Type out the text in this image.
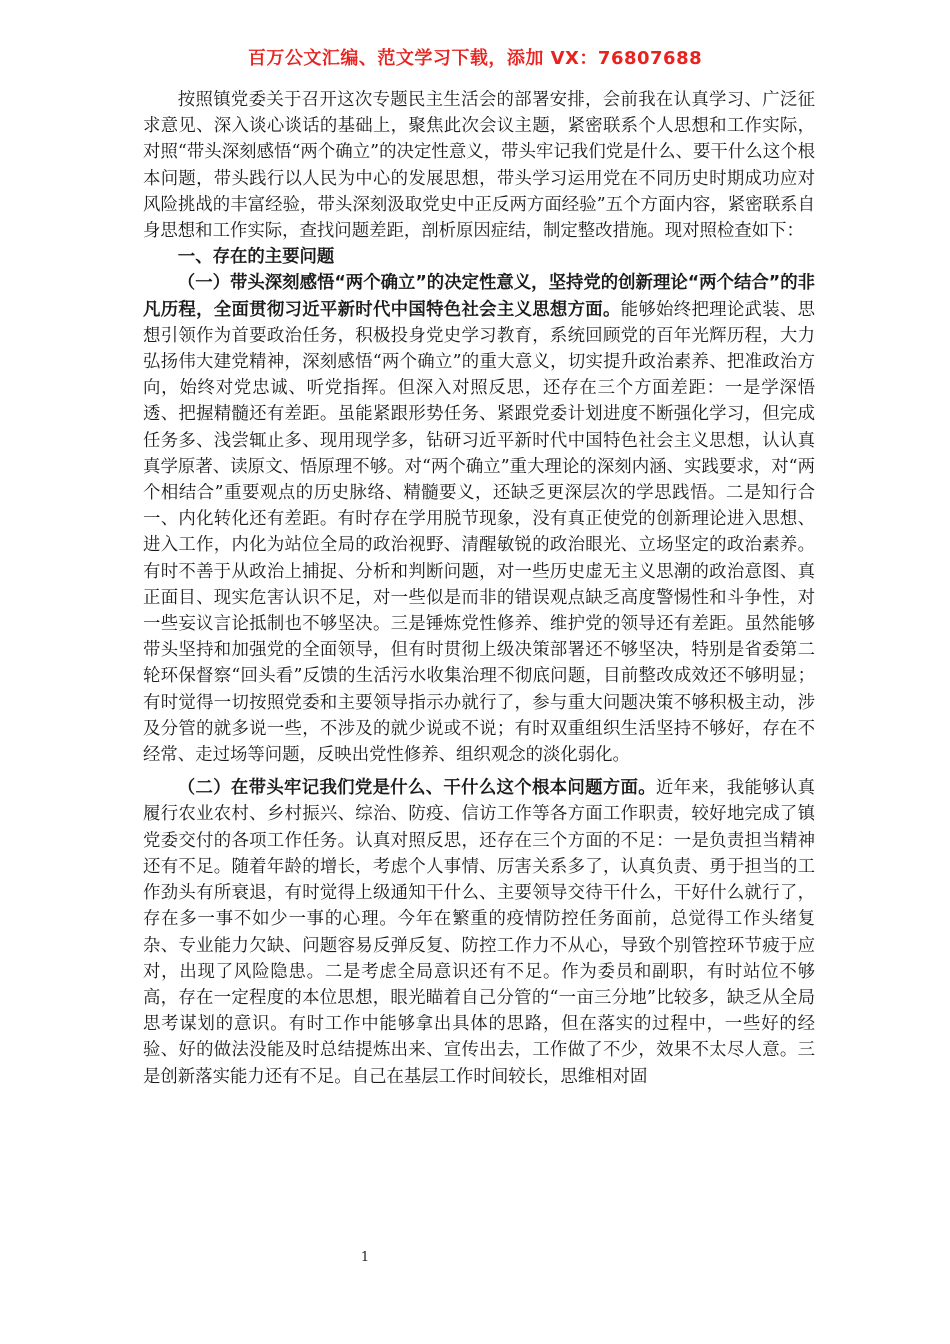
百万公文汇编、范文学习下载，添加 VX：76807688

按照镇党委关于召开这次专题民主生活会的部署安排，会前我在认真学习、广泛征求意见、深入谈心谈话的基础上，聚焦此次会议主题，紧密联系个人思想和工作实际，对照“带头深刻感悟“两个确立”的决定性意义，带头牢记我们党是什么、要干什么这个根本问题，带头践行以人民为中心的发展思想，带头学习运用党在不同历史时期成功应对风险挑战的丰富经验，带头深刻汲取党史中正反两方面经验”五个方面内容，紧密联系自身思想和工作实际，查找问题差距，剖析原因症结，制定整改措施。现对照检查如下：

一、存在的主要问题

（一）带头深刻感悟“两个确立”的决定性意义，坚持党的创新理论“两个结合”的非凡历程，全面贯彻习近平新时代中国特色社会主义思想方面。能够始终把理论武装、思想引领作为首要政治任务，积极投身党史学习教育，系统回顾党的百年光辉历程，大力弘扬伟大建党精神，深刻感悟“两个确立”的重大意义，切实提升政治素养、把准政治方向，始终对党忠诚、听党指挥。但深入对照反思，还存在三个方面差距：一是学深悟透、把握精髓还有差距。虽能紧跟形势任务、紧跟党委计划进度不断强化学习，但完成任务多、浅尝辄止多、现用现学多，钻研习近平新时代中国特色社会主义思想，认认真真学原著、读原文、悟原理不够。对“两个确立”重大理论的深刻内涵、实践要求，对“两个相结合”重要观点的历史脉络、精髓要义，还缺乏更深层次的学思践悟。二是知行合一、内化转化还有差距。有时存在学用脱节现象，没有真正使党的创新理论进入思想、进入工作，内化为站位全局的政治视野、清醒敏锐的政治眼光、立场坚定的政治素养。有时不善于从政治上捕捉、分析和判断问题，对一些历史虚无主义思潮的政治意图、真正面目、现实危害认识不足，对一些似是而非的错误观点缺乏高度警惕性和斗争性，对一些妄议言论抵制也不够坚决。三是锤炼党性修养、维护党的领导还有差距。虽然能够带头坚持和加强党的全面领导，但有时贯彻上级决策部署还不够坚决，特别是省委第二轮环保督察“回头看”反馈的生活污水收集治理不彻底问题，目前整改成效还不够明显；有时觉得一切按照党委和主要领导指示办就行了，参与重大问题决策不够积极主动，涉及分管的就多说一些，不涉及的就少说或不说；有时双重组织生活坚持不够好，存在不经常、走过场等问题，反映出党性修养、组织观念的淡化弱化。

（二）在带头牢记我们党是什么、干什么这个根本问题方面。近年来，我能够认真履行农业农村、乡村振兴、综治、防疫、信访工作等各方面工作职责，较好地完成了镇党委交付的各项工作任务。认真对照反思，还存在三个方面的不足：一是负责担当精神还有不足。随着年龄的增长，考虑个人事情、厉害关系多了，认真负责、勇于担当的工作劲头有所衰退，有时觉得上级通知干什么、主要领导交待干什么，干好什么就行了，存在多一事不如少一事的心理。今年在繁重的疫情防控任务面前，总觉得工作头绪复杂、专业能力欠缺、问题容易反弹反复、防控工作力不从心，导致个别管控环节疲于应对，出现了风险隐患。二是考虑全局意识还有不足。作为委员和副职，有时站位不够高，存在一定程度的本位思想，眼光瞄着自己分管的“一亩三分地”比较多，缺乏从全局思考谋划的意识。有时工作中能够拿出具体的思路，但在落实的过程中，一些好的经验、好的做法没能及时总结提炼出来、宣传出去，工作做了不少，效果不太尽人意。三是创新落实能力还有不足。自己在基层工作时间较长，思维相对固

1
